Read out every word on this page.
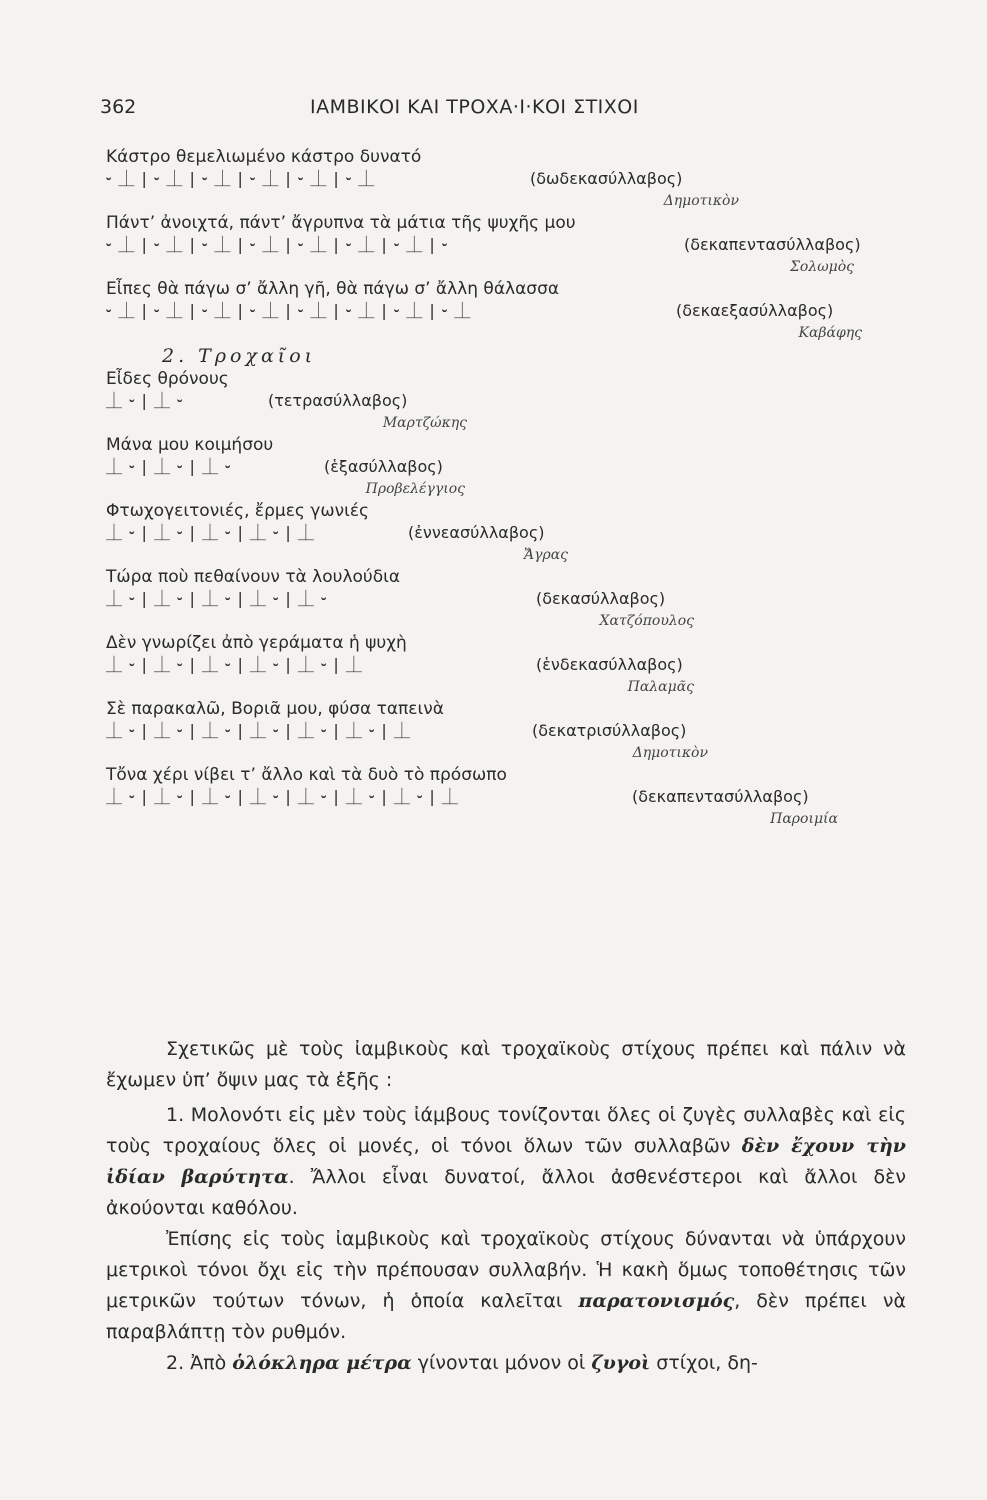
362	ΙΑΜΒΙΚΟΙ ΚΑΙ ΤΡΟΧΑ·Ι·ΚΟΙ ΣΤΙΧΟΙ
Κάστρο θεμελιωμένο κάστρο δυνατό
⏑ ⏊ | ⏑ ⏊ | ⏑ ⏊ | ⏑ ⏊ | ⏑ ⏊ | ⏑ ⏊	(δωδεκασύλλαβος)
Δημοτικὸν
Πάντ’ ἀνοιχτά, πάντ’ ἄγρυπνα τὰ μάτια τῆς ψυχῆς μου
⏑ ⏊ | ⏑ ⏊ | ⏑ ⏊ | ⏑ ⏊ | ⏑ ⏊ | ⏑ ⏊ | ⏑ ⏊ | ⏑	(δεκαπεντασύλλαβος)
Σολωμὸς
Εἶπες θὰ πάγω σ’ ἄλλη γῆ, θὰ πάγω σ’ ἄλλη θάλασσα
⏑ ⏊ | ⏑ ⏊ | ⏑ ⏊ | ⏑ ⏊ | ⏑ ⏊ | ⏑ ⏊ | ⏑ ⏊ | ⏑ ⏊	(δεκαεξασύλλαβος)
Καβάφης
2. Τροχαῖοι
Εἶδες θρόνους
⏊ ⏑ | ⏊ ⏑	(τετρασύλλαβος)
Μαρτζώκης
Μάνα μου κοιμήσου
⏊ ⏑ | ⏊ ⏑ | ⏊ ⏑	(ἑξασύλλαβος)
Προβελέγγιος
Φτωχογειτονιές, ἔρμες γωνιές
⏊ ⏑ | ⏊ ⏑ | ⏊ ⏑ | ⏊ ⏑ | ⏊	(ἐννεασύλλαβος)
Ἄγρας
Τώρα ποὺ πεθαίνουν τὰ λουλούδια
⏊ ⏑ | ⏊ ⏑ | ⏊ ⏑ | ⏊ ⏑ | ⏊ ⏑	(δεκασύλλαβος)
Χατζόπουλος
Δὲν γνωρίζει ἀπὸ γεράματα ἡ ψυχὴ
⏊ ⏑ | ⏊ ⏑ | ⏊ ⏑ | ⏊ ⏑ | ⏊ ⏑ | ⏊	(ἑνδεκασύλλαβος)
Παλαμᾶς
Σὲ παρακαλῶ, Βοριᾶ μου, φύσα ταπεινὰ
⏊ ⏑ | ⏊ ⏑ | ⏊ ⏑ | ⏊ ⏑ | ⏊ ⏑ | ⏊ ⏑ | ⏊	(δεκατρισύλλαβος)
Δημοτικὸν
Τὄνα χέρι νίβει τ’ ἄλλο καὶ τὰ δυὸ τὸ πρόσωπο
⏊ ⏑ | ⏊ ⏑ | ⏊ ⏑ | ⏊ ⏑ | ⏊ ⏑ | ⏊ ⏑ | ⏊ ⏑ | ⏊	(δεκαπεντασύλλαβος)
Παροιμία

Σχετικῶς μὲ τοὺς ἰαμβικοὺς καὶ τροχαϊκοὺς στίχους πρέπει καὶ πάλιν νὰ ἔχωμεν ὑπ’ ὄψιν μας τὰ ἑξῆς :

1. Μολονότι εἰς μὲν τοὺς ἰάμβους τονίζονται ὅλες οἱ ζυγὲς συλλαβὲς καὶ εἰς τοὺς τροχαίους ὅλες οἱ μονές, οἱ τόνοι ὅλων τῶν συλλαβῶν δὲν ἔχουν τὴν ἰδίαν βαρύτητα. Ἄλλοι εἶναι δυνατοί, ἄλλοι ἀσθενέστεροι καὶ ἄλλοι δὲν ἀκούονται καθόλου.

Ἐπίσης εἰς τοὺς ἰαμβικοὺς καὶ τροχαϊκοὺς στίχους δύνανται νὰ ὑπάρχουν μετρικοὶ τόνοι ὄχι εἰς τὴν πρέπουσαν συλλαβήν. Ἡ κακὴ ὅμως τοποθέτησις τῶν μετρικῶν τούτων τόνων, ἡ ὁποία καλεῖται παρατονισμός, δὲν πρέπει νὰ παραβλάπτῃ τὸν ρυθμόν.

2. Ἀπὸ ὁλόκληρα μέτρα γίνονται μόνον οἱ ζυγοὶ στίχοι, δη-
